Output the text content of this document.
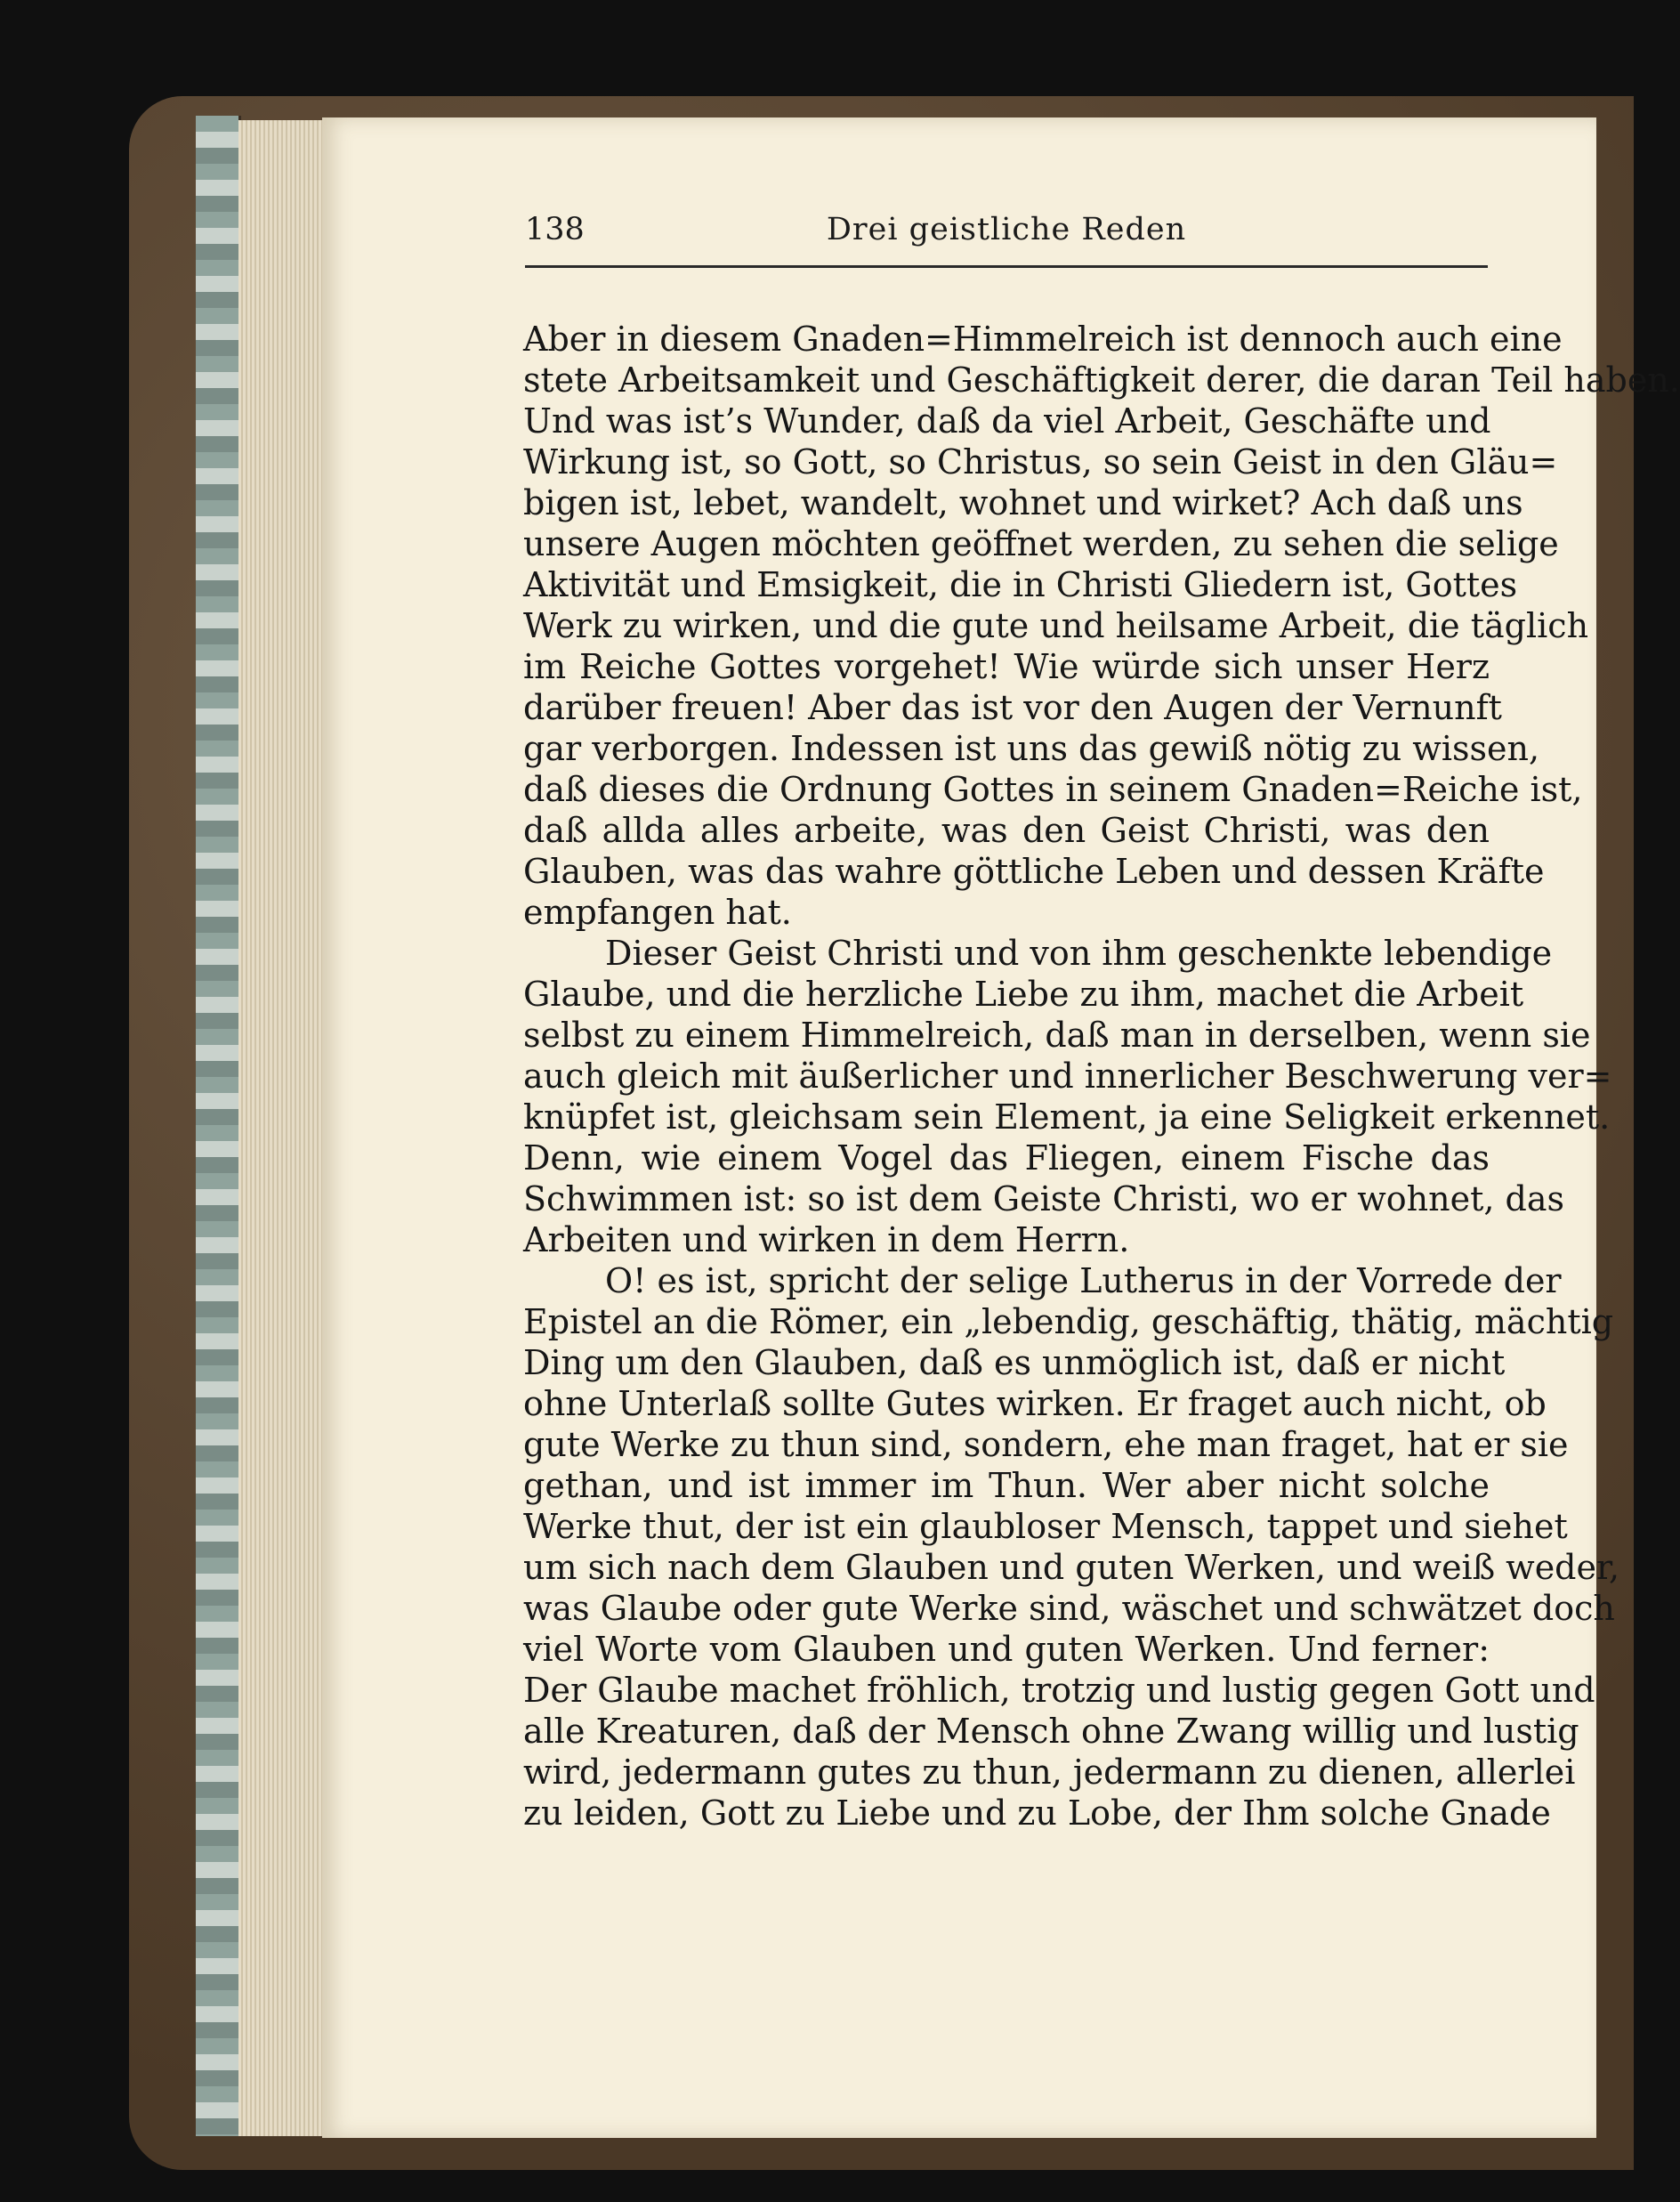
138	Drei geistliche Reden
Aber in diesem Gnaden=Himmelreich ist dennoch auch eine
stete Arbeitsamkeit und Geschäftigkeit derer, die daran Teil haben.
Und was ist’s Wunder, daß da viel Arbeit, Geschäfte und
Wirkung ist, so Gott, so Christus, so sein Geist in den Gläu=
bigen ist, lebet, wandelt, wohnet und wirket? Ach daß uns
unsere Augen möchten geöffnet werden, zu sehen die selige
Aktivität und Emsigkeit, die in Christi Gliedern ist, Gottes
Werk zu wirken, und die gute und heilsame Arbeit, die täglich
im Reiche Gottes vorgehet! Wie würde sich unser Herz
darüber freuen! Aber das ist vor den Augen der Vernunft
gar verborgen. Indessen ist uns das gewiß nötig zu wissen,
daß dieses die Ordnung Gottes in seinem Gnaden=Reiche ist,
daß allda alles arbeite, was den Geist Christi, was den
Glauben, was das wahre göttliche Leben und dessen Kräfte
empfangen hat.
Dieser Geist Christi und von ihm geschenkte lebendige
Glaube, und die herzliche Liebe zu ihm, machet die Arbeit
selbst zu einem Himmelreich, daß man in derselben, wenn sie
auch gleich mit äußerlicher und innerlicher Beschwerung ver=
knüpfet ist, gleichsam sein Element, ja eine Seligkeit erkennet.
Denn, wie einem Vogel das Fliegen, einem Fische das
Schwimmen ist: so ist dem Geiste Christi, wo er wohnet, das
Arbeiten und wirken in dem Herrn.
O! es ist, spricht der selige Lutherus in der Vorrede der
Epistel an die Römer, ein „lebendig, geschäftig, thätig, mächtig
Ding um den Glauben, daß es unmöglich ist, daß er nicht
ohne Unterlaß sollte Gutes wirken. Er fraget auch nicht, ob
gute Werke zu thun sind, sondern, ehe man fraget, hat er sie
gethan, und ist immer im Thun. Wer aber nicht solche
Werke thut, der ist ein glaubloser Mensch, tappet und siehet
um sich nach dem Glauben und guten Werken, und weiß weder,
was Glaube oder gute Werke sind, wäschet und schwätzet doch
viel Worte vom Glauben und guten Werken. Und ferner:
Der Glaube machet fröhlich, trotzig und lustig gegen Gott und
alle Kreaturen, daß der Mensch ohne Zwang willig und lustig
wird, jedermann gutes zu thun, jedermann zu dienen, allerlei
zu leiden, Gott zu Liebe und zu Lobe, der Ihm solche Gnade
